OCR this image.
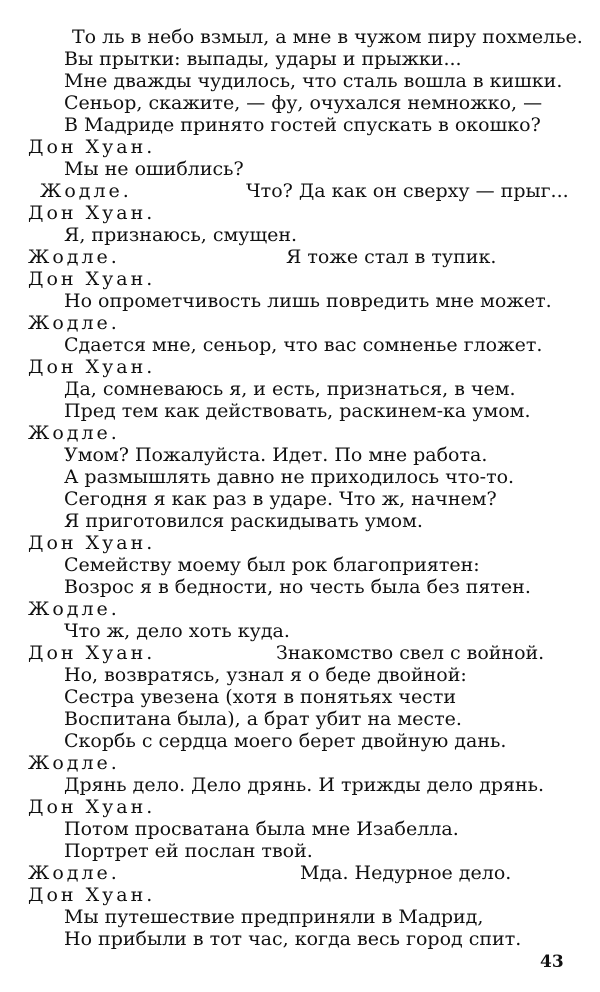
То ль в небо взмыл, а мне в чужом пиру похмелье.
Вы прытки: выпады, удары и прыжки...
Мне дважды чудилось, что сталь вошла в кишки.
Сеньор, скажите, — фу, очухался немножко, —
В Мадриде принято гостей спускать в окошко?
Дон Хуан.
Мы не ошиблись?
Жодле.	Что? Да как он сверху — прыг...
Дон Хуан.
Я, признаюсь, смущен.
Жодле.	Я тоже стал в тупик.
Дон Хуан.
Но опрометчивость лишь повредить мне может.
Жодле.
Сдается мне, сеньор, что вас сомненье гложет.
Дон Хуан.
Да, сомневаюсь я, и есть, признаться, в чем.
Пред тем как действовать, раскинем-ка умом.
Жодле.
Умом? Пожалуйста. Идет. По мне работа.
А размышлять давно не приходилось что-то.
Сегодня я как раз в ударе. Что ж, начнем?
Я приготовился раскидывать умом.
Дон Хуан.
Семейству моему был рок благоприятен:
Возрос я в бедности, но честь была без пятен.
Жодле.
Что ж, дело хоть куда.
Дон Хуан.	Знакомство свел с войной.
Но, возвратясь, узнал я о беде двойной:
Сестра увезена (хотя в понятьях чести
Воспитана была), а брат убит на месте.
Скорбь с сердца моего берет двойную дань.
Жодле.
Дрянь дело. Дело дрянь. И трижды дело дрянь.
Дон Хуан.
Потом просватана была мне Изабелла.
Портрет ей послан твой.
Жодле.	Мда. Недурное дело.
Дон Хуан.
Мы путешествие предприняли в Мадрид,
Но прибыли в тот час, когда весь город спит.
43
